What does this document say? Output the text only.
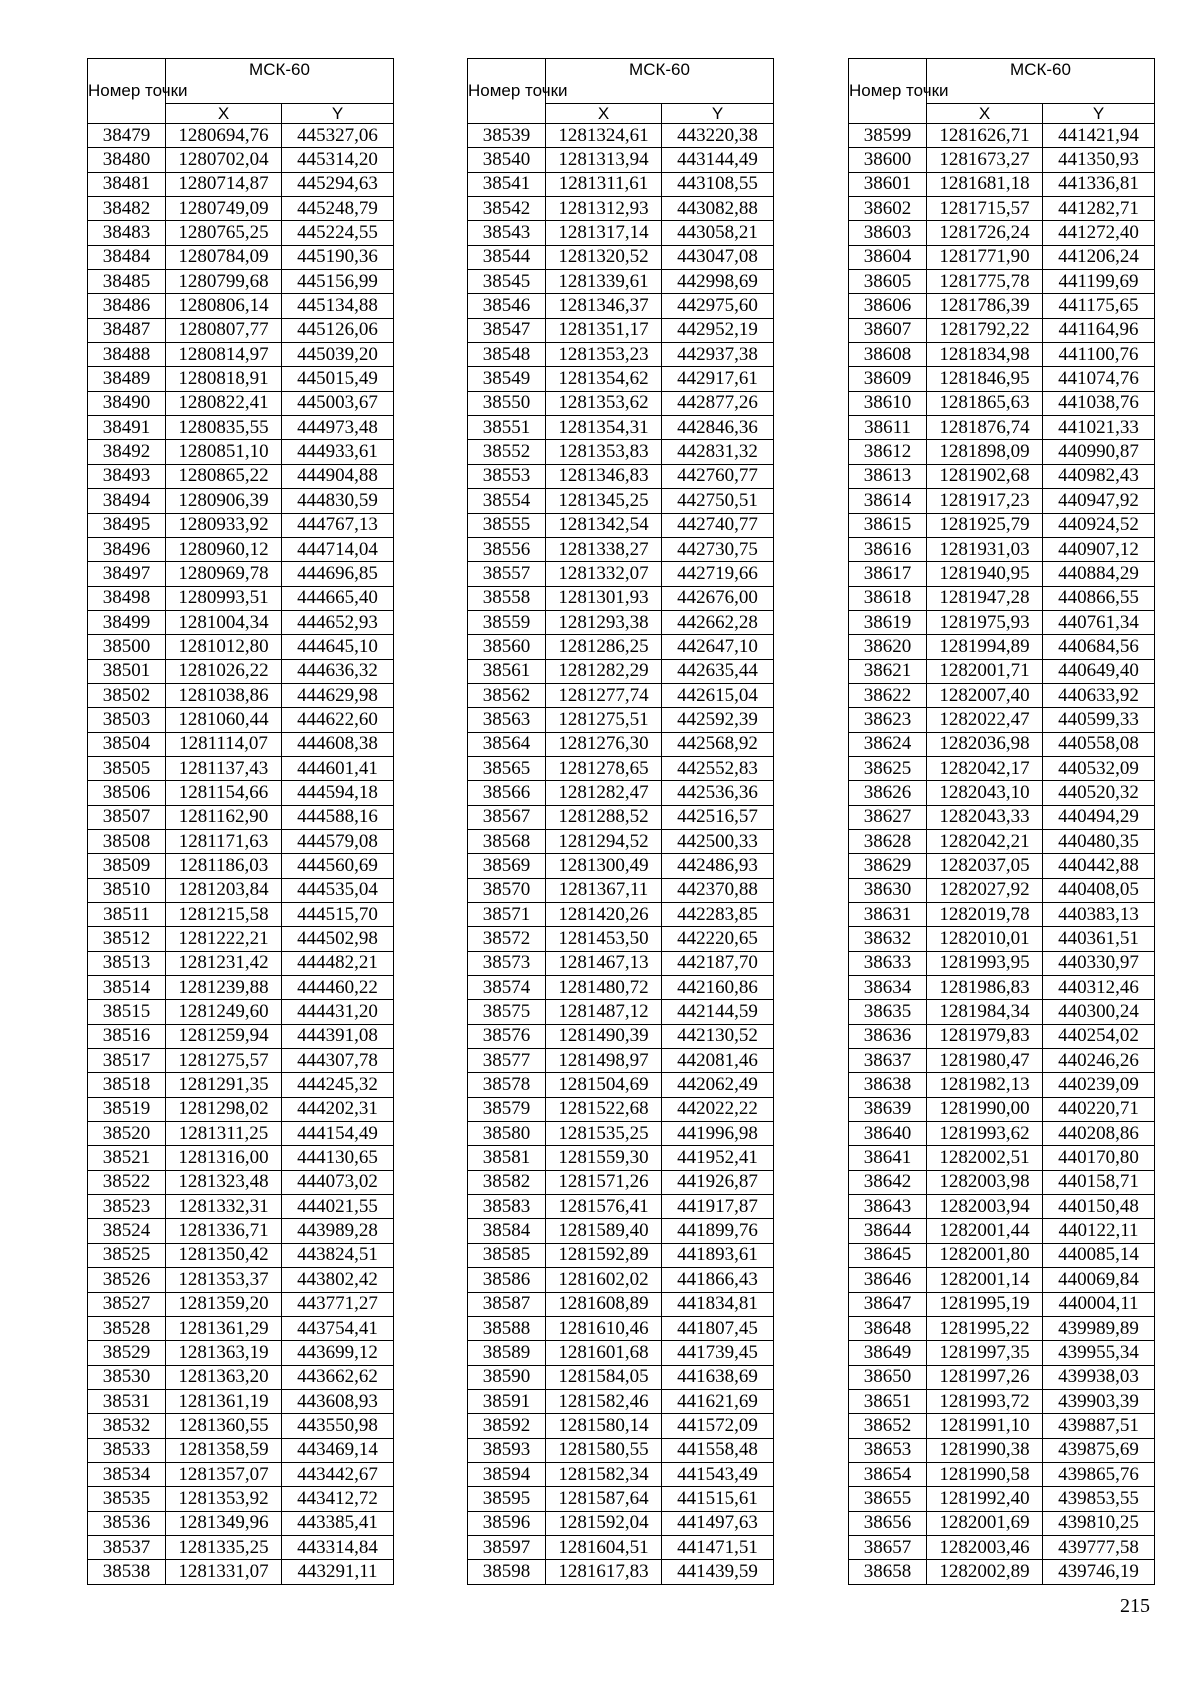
Номер точки	МСК-60	
	X	Y
38479	1280694,76	445327,06
38480	1280702,04	445314,20
38481	1280714,87	445294,63
38482	1280749,09	445248,79
38483	1280765,25	445224,55
38484	1280784,09	445190,36
38485	1280799,68	445156,99
38486	1280806,14	445134,88
38487	1280807,77	445126,06
38488	1280814,97	445039,20
38489	1280818,91	445015,49
38490	1280822,41	445003,67
38491	1280835,55	444973,48
38492	1280851,10	444933,61
38493	1280865,22	444904,88
38494	1280906,39	444830,59
38495	1280933,92	444767,13
38496	1280960,12	444714,04
38497	1280969,78	444696,85
38498	1280993,51	444665,40
38499	1281004,34	444652,93
38500	1281012,80	444645,10
38501	1281026,22	444636,32
38502	1281038,86	444629,98
38503	1281060,44	444622,60
38504	1281114,07	444608,38
38505	1281137,43	444601,41
38506	1281154,66	444594,18
38507	1281162,90	444588,16
38508	1281171,63	444579,08
38509	1281186,03	444560,69
38510	1281203,84	444535,04
38511	1281215,58	444515,70
38512	1281222,21	444502,98
38513	1281231,42	444482,21
38514	1281239,88	444460,22
38515	1281249,60	444431,20
38516	1281259,94	444391,08
38517	1281275,57	444307,78
38518	1281291,35	444245,32
38519	1281298,02	444202,31
38520	1281311,25	444154,49
38521	1281316,00	444130,65
38522	1281323,48	444073,02
38523	1281332,31	444021,55
38524	1281336,71	443989,28
38525	1281350,42	443824,51
38526	1281353,37	443802,42
38527	1281359,20	443771,27
38528	1281361,29	443754,41
38529	1281363,19	443699,12
38530	1281363,20	443662,62
38531	1281361,19	443608,93
38532	1281360,55	443550,98
38533	1281358,59	443469,14
38534	1281357,07	443442,67
38535	1281353,92	443412,72
38536	1281349,96	443385,41
38537	1281335,25	443314,84
38538	1281331,07	443291,11
Номер точки	МСК-60	
	X	Y
38539	1281324,61	443220,38
38540	1281313,94	443144,49
38541	1281311,61	443108,55
38542	1281312,93	443082,88
38543	1281317,14	443058,21
38544	1281320,52	443047,08
38545	1281339,61	442998,69
38546	1281346,37	442975,60
38547	1281351,17	442952,19
38548	1281353,23	442937,38
38549	1281354,62	442917,61
38550	1281353,62	442877,26
38551	1281354,31	442846,36
38552	1281353,83	442831,32
38553	1281346,83	442760,77
38554	1281345,25	442750,51
38555	1281342,54	442740,77
38556	1281338,27	442730,75
38557	1281332,07	442719,66
38558	1281301,93	442676,00
38559	1281293,38	442662,28
38560	1281286,25	442647,10
38561	1281282,29	442635,44
38562	1281277,74	442615,04
38563	1281275,51	442592,39
38564	1281276,30	442568,92
38565	1281278,65	442552,83
38566	1281282,47	442536,36
38567	1281288,52	442516,57
38568	1281294,52	442500,33
38569	1281300,49	442486,93
38570	1281367,11	442370,88
38571	1281420,26	442283,85
38572	1281453,50	442220,65
38573	1281467,13	442187,70
38574	1281480,72	442160,86
38575	1281487,12	442144,59
38576	1281490,39	442130,52
38577	1281498,97	442081,46
38578	1281504,69	442062,49
38579	1281522,68	442022,22
38580	1281535,25	441996,98
38581	1281559,30	441952,41
38582	1281571,26	441926,87
38583	1281576,41	441917,87
38584	1281589,40	441899,76
38585	1281592,89	441893,61
38586	1281602,02	441866,43
38587	1281608,89	441834,81
38588	1281610,46	441807,45
38589	1281601,68	441739,45
38590	1281584,05	441638,69
38591	1281582,46	441621,69
38592	1281580,14	441572,09
38593	1281580,55	441558,48
38594	1281582,34	441543,49
38595	1281587,64	441515,61
38596	1281592,04	441497,63
38597	1281604,51	441471,51
38598	1281617,83	441439,59
Номер точки	МСК-60	
	X	Y
38599	1281626,71	441421,94
38600	1281673,27	441350,93
38601	1281681,18	441336,81
38602	1281715,57	441282,71
38603	1281726,24	441272,40
38604	1281771,90	441206,24
38605	1281775,78	441199,69
38606	1281786,39	441175,65
38607	1281792,22	441164,96
38608	1281834,98	441100,76
38609	1281846,95	441074,76
38610	1281865,63	441038,76
38611	1281876,74	441021,33
38612	1281898,09	440990,87
38613	1281902,68	440982,43
38614	1281917,23	440947,92
38615	1281925,79	440924,52
38616	1281931,03	440907,12
38617	1281940,95	440884,29
38618	1281947,28	440866,55
38619	1281975,93	440761,34
38620	1281994,89	440684,56
38621	1282001,71	440649,40
38622	1282007,40	440633,92
38623	1282022,47	440599,33
38624	1282036,98	440558,08
38625	1282042,17	440532,09
38626	1282043,10	440520,32
38627	1282043,33	440494,29
38628	1282042,21	440480,35
38629	1282037,05	440442,88
38630	1282027,92	440408,05
38631	1282019,78	440383,13
38632	1282010,01	440361,51
38633	1281993,95	440330,97
38634	1281986,83	440312,46
38635	1281984,34	440300,24
38636	1281979,83	440254,02
38637	1281980,47	440246,26
38638	1281982,13	440239,09
38639	1281990,00	440220,71
38640	1281993,62	440208,86
38641	1282002,51	440170,80
38642	1282003,98	440158,71
38643	1282003,94	440150,48
38644	1282001,44	440122,11
38645	1282001,80	440085,14
38646	1282001,14	440069,84
38647	1281995,19	440004,11
38648	1281995,22	439989,89
38649	1281997,35	439955,34
38650	1281997,26	439938,03
38651	1281993,72	439903,39
38652	1281991,10	439887,51
38653	1281990,38	439875,69
38654	1281990,58	439865,76
38655	1281992,40	439853,55
38656	1282001,69	439810,25
38657	1282003,46	439777,58
38658	1282002,89	439746,19
215
